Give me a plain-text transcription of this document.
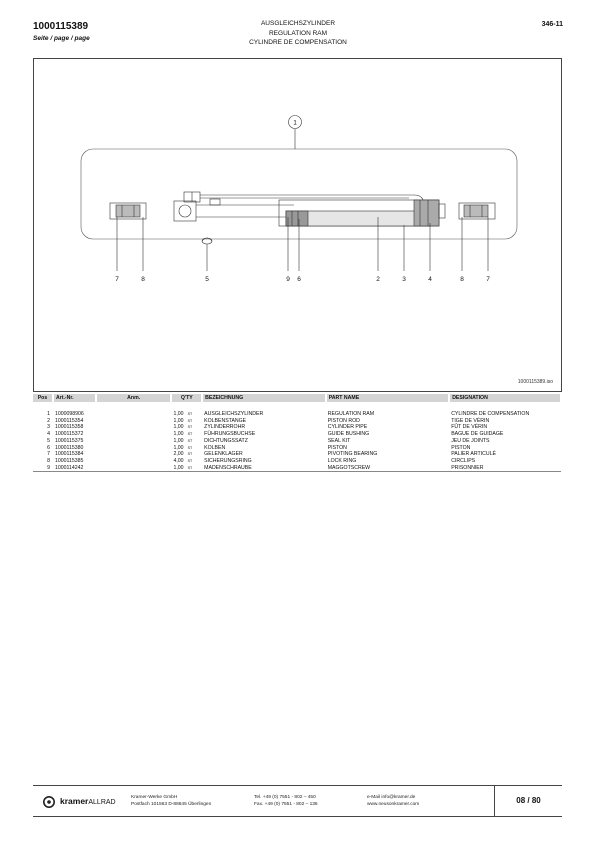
1000115389
Seite / page / page
AUSGLEICHSZYLINDER
REGULATION RAM
CYLINDRE DE COMPENSATION
346-11
1
7	8	5	9 6	2	3	4	8	7
1000115389.iso
Pos	Art.-Nr.	Anm.	Q'TY	BEZEICHNUNG	PART NAME	DESIGNATION

1	1000098906		1,00 ST	AUSGLEICHSZYLINDER	REGULATION RAM	CYLINDRE DE COMPENSATION
2	1000115354		1,00 ST	KOLBENSTANGE	PISTON ROD	TIGE DE VÉRIN
3	1000115358		1,00 ST	ZYLINDERROHR	CYLINDER PIPE	FÛT DE VÉRIN
4	1000115372		1,00 ST	FÜHRUNGSBUCHSE	GUIDE BUSHING	BAGUE DE GUIDAGE
5	1000115375		1,00 ST	DICHTUNGSSATZ	SEAL KIT	JEU DE JOINTS
6	1000115380		1,00 ST	KOLBEN	PISTON	PISTON
7	1000115384		2,00 ST	GELENKLAGER	PIVOTING BEARING	PALIER ARTICULÉ
8	1000115385		4,00 ST	SICHERUNGSRING	LOCK RING	CIRCLIPS
9	1000114242		1,00 ST	MADENSCHRAUBE	MAGGOTSCREW	PRISONNIER
kramerALLRAD
Kramer-Werke GmbH
Postfach 101563 D-88645 Überlingen
Tel. +49 (0) 7551 - 802 – 450
Fax. +49 (0) 7551 - 802 – 136
e-Mail info@kramer.de
www.neusonkramer.com	08 / 80
